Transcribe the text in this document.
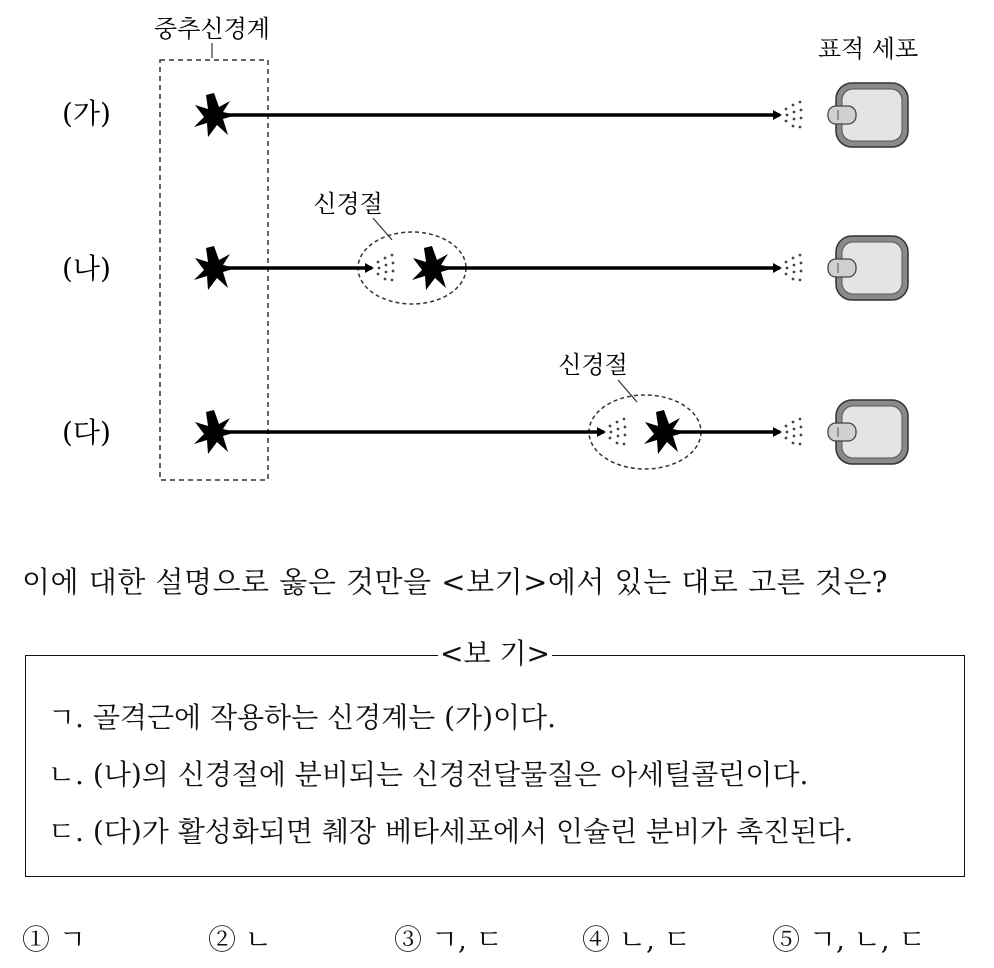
중추신경계
표적 세포
(가)
(나)
신경절
(다)
신경절
이에 대한 설명으로 옳은 것만을 <보기>에서 있는 대로 고른 것은?
<보 기>
ㄱ. 골격근에 작용하는 신경계는 (가)이다.
ㄴ. (나)의 신경절에 분비되는 신경전달물질은 아세틸콜린이다.
ㄷ. (다)가 활성화되면 췌장 베타세포에서 인슐린 분비가 촉진된다.
① ㄱ	② ㄴ	③ ㄱ, ㄷ	④ ㄴ, ㄷ	⑤ ㄱ, ㄴ, ㄷ
